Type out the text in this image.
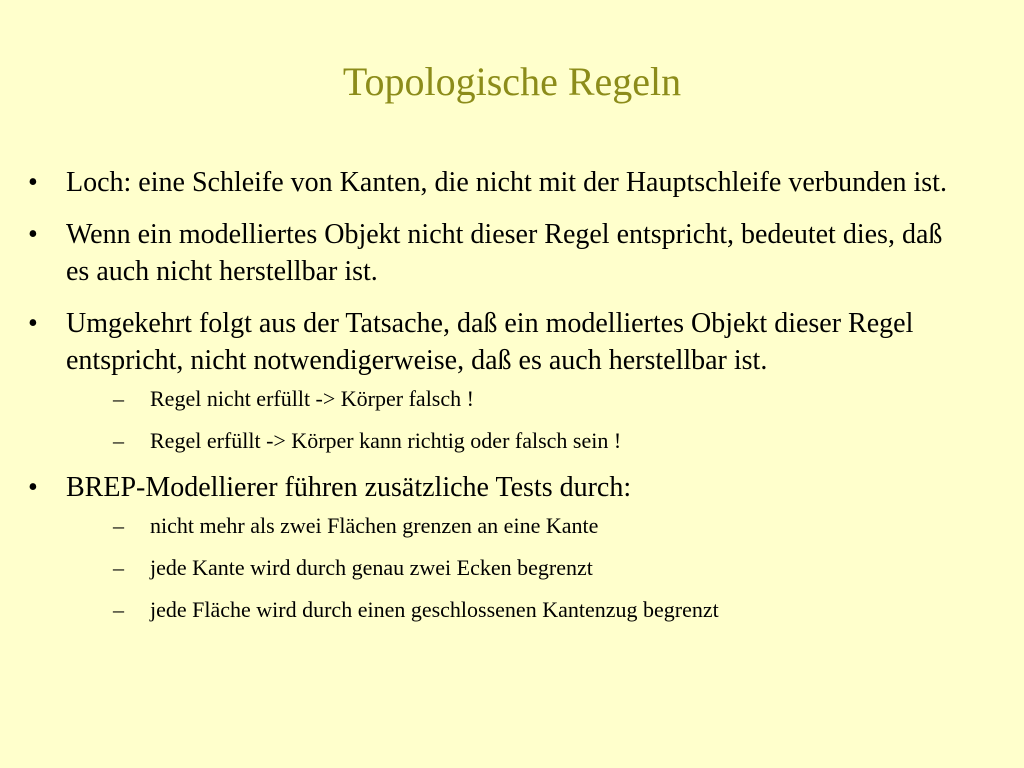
Topologische Regeln
•	Loch: eine Schleife von Kanten, die nicht mit der Hauptschleife verbunden ist.
•	Wenn ein modelliertes Objekt nicht dieser Regel entspricht, bedeutet dies, daß es auch nicht herstellbar ist.
•	Umgekehrt folgt aus der Tatsache, daß ein modelliertes Objekt dieser Regel entspricht, nicht notwendigerweise, daß es auch herstellbar ist.
–	Regel nicht erfüllt -> Körper falsch !
–	Regel erfüllt -> Körper kann richtig oder falsch sein !
•	BREP-Modellierer führen zusätzliche Tests durch:
–	nicht mehr als zwei Flächen grenzen an eine Kante
–	jede Kante wird durch genau zwei Ecken begrenzt
–	jede Fläche wird durch einen geschlossenen Kantenzug begrenzt
